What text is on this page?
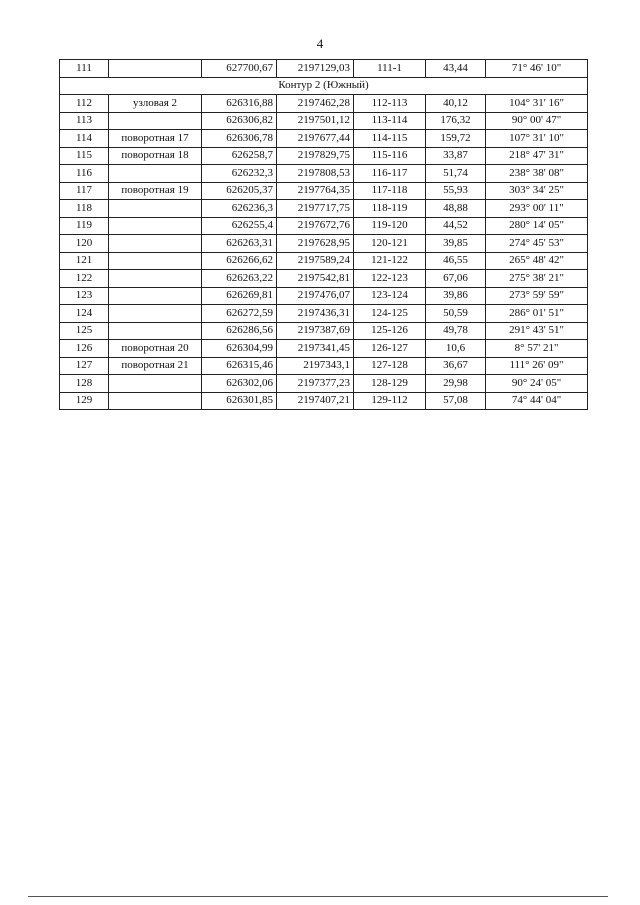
4
111		627700,67	2197129,03	111-1	43,44	71° 46' 10"
Контур 2 (Южный)						
112	узловая 2	626316,88	2197462,28	112-113	40,12	104° 31' 16"
113		626306,82	2197501,12	113-114	176,32	90° 00' 47"
114	поворотная 17	626306,78	2197677,44	114-115	159,72	107° 31' 10"
115	поворотная 18	626258,7	2197829,75	115-116	33,87	218° 47' 31"
116		626232,3	2197808,53	116-117	51,74	238° 38' 08"
117	поворотная 19	626205,37	2197764,35	117-118	55,93	303° 34' 25"
118		626236,3	2197717,75	118-119	48,88	293° 00' 11"
119		626255,4	2197672,76	119-120	44,52	280° 14' 05"
120		626263,31	2197628,95	120-121	39,85	274° 45' 53"
121		626266,62	2197589,24	121-122	46,55	265° 48' 42"
122		626263,22	2197542,81	122-123	67,06	275° 38' 21"
123		626269,81	2197476,07	123-124	39,86	273° 59' 59"
124		626272,59	2197436,31	124-125	50,59	286° 01' 51"
125		626286,56	2197387,69	125-126	49,78	291° 43' 51"
126	поворотная 20	626304,99	2197341,45	126-127	10,6	8° 57' 21"
127	поворотная 21	626315,46	2197343,1	127-128	36,67	111° 26' 09"
128		626302,06	2197377,23	128-129	29,98	90° 24' 05"
129		626301,85	2197407,21	129-112	57,08	74° 44' 04"
